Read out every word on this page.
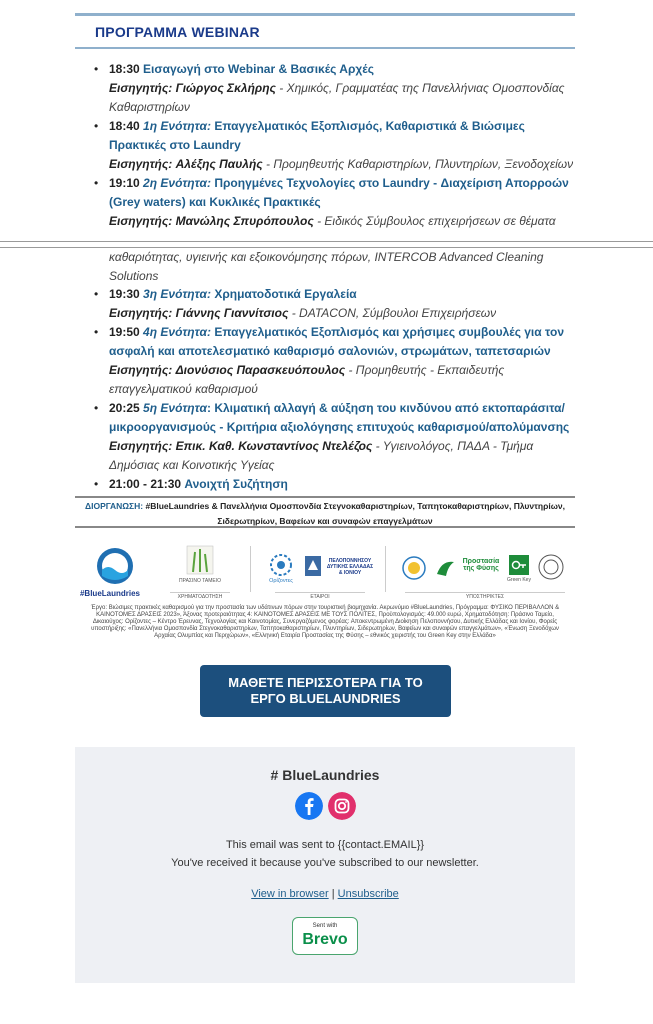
ΠΡΟΓΡΑΜΜΑ WEBINAR
• 18:30 Εισαγωγή στο Webinar & Βασικές Αρχές
Εισηγητής: Γιώργος Σκλήρης - Χημικός, Γραμματέας της Πανελλήνιας Ομοσπονδίας Καθαριστηρίων
• 18:40 1η Ενότητα: Επαγγελματικός Εξοπλισμός, Καθαριστικά & Βιώσιμες Πρακτικές στο Laundry
Εισηγητής: Αλέξης Παυλής - Προμηθευτής Καθαριστηρίων, Πλυντηρίων, Ξενοδοχείων
• 19:10 2η Ενότητα: Προηγμένες Τεχνολογίες στο Laundry - Διαχείριση Απορροών (Grey waters) και Κυκλικές Πρακτικές
Εισηγητής: Μανώλης Σπυρόπουλος - Ειδικός Σύμβουλος επιχειρήσεων σε θέματα
καθαριότητας, υγιεινής και εξοικονόμησης πόρων, INTERCOB Advanced Cleaning Solutions
• 19:30 3η Ενότητα: Χρηματοδοτικά Εργαλεία
Εισηγητής: Γιάννης Γιαννίτσιος - DATACON, Σύμβουλοι Επιχειρήσεων
• 19:50 4η Ενότητα: Επαγγελματικός Εξοπλισμός και χρήσιμες συμβουλές για τον ασφαλή και αποτελεσματικό καθαρισμό σαλονιών, στρωμάτων, ταπετσαριών
Εισηγητής: Διονύσιος Παρασκευόπουλος - Προμηθευτής - Εκπαιδευτής επαγγελματικού καθαρισμού
• 20:25 5η Ενότητα: Κλιματική αλλαγή & αύξηση του κινδύνου από εκτοπαράσιτα/ μικροοργανισμούς - Κριτήρια αξιολόγησης επιτυχούς καθαρισμού/απολύμανσης
Εισηγητής: Επικ. Καθ. Κωνσταντίνος Ντελέζος - Υγιεινολόγος, ΠΑΔΑ - Τμήμα Δημόσιας και Κοινοτικής Υγείας
• 21:00 - 21:30 Ανοιχτή Συζήτηση
ΔΙΟΡΓΑΝΩΣΗ: #BlueLaundries & Πανελλήνια Ομοσπονδία Στεγνοκαθαριστηρίων, Ταπητοκαθαριστηρίων, Πλυντηρίων, Σιδερωτηρίων, Βαφείων και συναφών επαγγελμάτων
#BlueLaundries
ΠΡΑΣΙΝΟ ΤΑΜΕΙΟ
ΧΡΗΜΑΤΟΔΟΤΗΣΗ
Ορίζοντες
ΠΕΛΟΠΟΝΝΗΣΟΥ ΔΥΤΙΚΗΣ ΕΛΛΑΔΑΣ & ΙΟΝΙΟΥ
ΕΤΑΙΡΟΙ
Προστασία της Φύσης
Green Key
ΥΠΟΣΤΗΡΙΚΤΕΣ
Έργο: Βιώσιμες πρακτικές καθαρισμού για την προστασία των υδάτινων πόρων στην τουριστική βιομηχανία. Ακρωνύμιο #BlueLaundries, Πρόγραμμα: ΦΥΣΙΚΟ ΠΕΡΙΒΑΛΛΟΝ & ΚΑΙΝΟΤΟΜΕΣ ΔΡΑΣΕΙΣ 2023», Άξονας προτεραιότητας 4: ΚΑΙΝΟΤΟΜΕΣ ΔΡΑΣΕΙΣ ΜΕ ΤΟΥΣ ΠΟΛΙΤΕΣ, Προϋπολογισμός: 49.000 ευρώ, Χρηματοδότηση: Πράσινο Ταμείο, Δικαιούχος: Ορίζοντες – Κέντρο Έρευνας, Τεχνολογίας και Καινοτομίας, Συνεργαζόμενος φορέας: Αποκεντρωμένη Διοίκηση Πελοποννήσου, Δυτικής Ελλάδας και Ιονίου, Φορείς υποστήριξης: «Πανελλήνια Ομοσπονδία Στεγνοκαθαριστηρίων, Ταπητοκαθαριστηρίων, Πλυντηρίων, Σιδερωτηρίων, Βαφείων και συναφών επαγγελμάτων», «Ένωση Ξενοδόχων Αρχαίας Ολυμπίας και Περιχώρων», «Ελληνική Εταιρία Προστασίας της Φύσης – εθνικός χειριστής του Green Key στην Ελλάδα»
ΜΑΘΕΤΕ ΠΕΡΙΣΣΟΤΕΡΑ ΓΙΑ ΤΟ ΕΡΓΟ BLUELAUNDRIES
# BlueLaundries
This email was sent to {{contact.EMAIL}}
You've received it because you've subscribed to our newsletter.
View in browser | Unsubscribe
Sent with
Brevo
